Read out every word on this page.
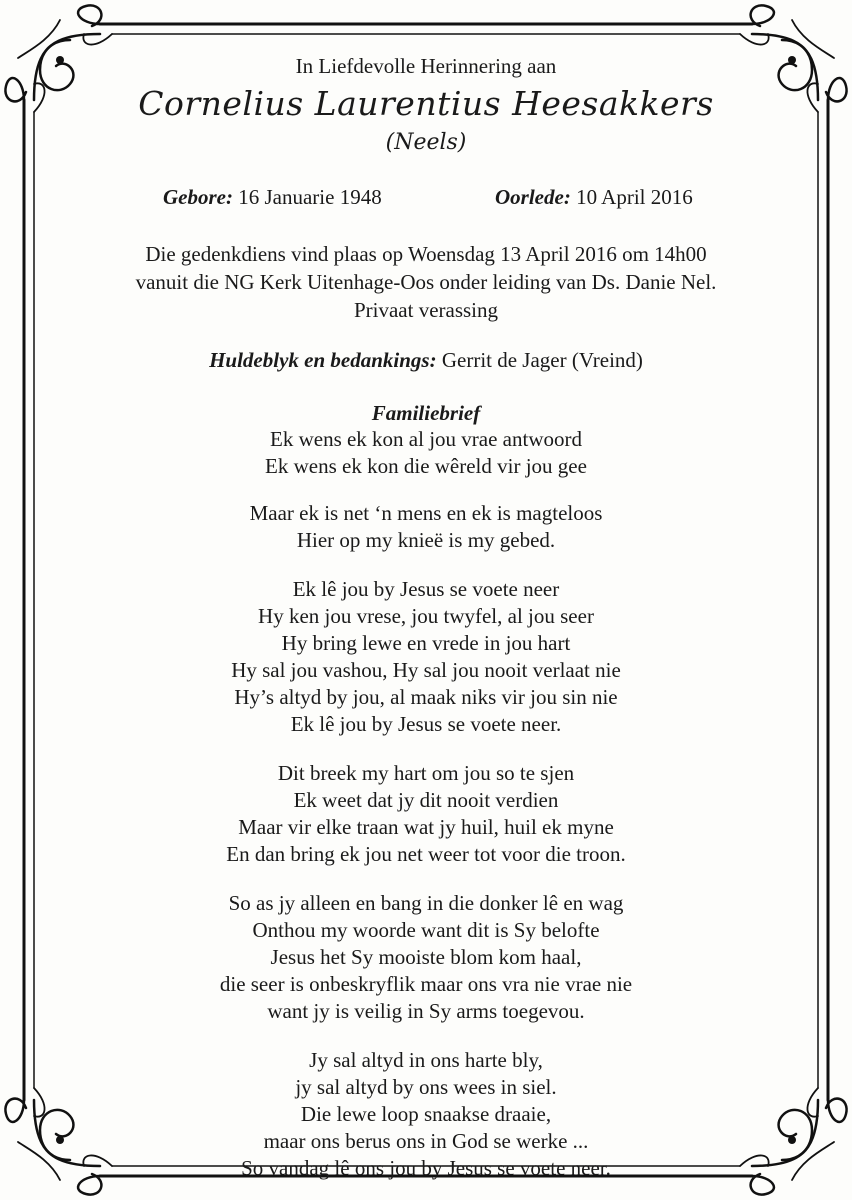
In Liefdevolle Herinnering aan
Cornelius Laurentius Heesakkers
(Neels)
Gebore: 16 Januarie 1948	Oorlede: 10 April 2016
Die gedenkdiens vind plaas op Woensdag 13 April 2016 om 14h00
vanuit die NG Kerk Uitenhage-Oos onder leiding van Ds. Danie Nel.
Privaat verassing
Huldeblyk en bedankings: Gerrit de Jager (Vreind)
Familiebrief
Ek wens ek kon al jou vrae antwoord
Ek wens ek kon die wêreld vir jou gee
Maar ek is net ‘n mens en ek is magteloos
Hier op my knieë is my gebed.
Ek lê jou by Jesus se voete neer
Hy ken jou vrese, jou twyfel, al jou seer
Hy bring lewe en vrede in jou hart
Hy sal jou vashou, Hy sal jou nooit verlaat nie
Hy’s altyd by jou, al maak niks vir jou sin nie
Ek lê jou by Jesus se voete neer.
Dit breek my hart om jou so te sjen
Ek weet dat jy dit nooit verdien
Maar vir elke traan wat jy huil, huil ek myne
En dan bring ek jou net weer tot voor die troon.
So as jy alleen en bang in die donker lê en wag
Onthou my woorde want dit is Sy belofte
Jesus het Sy mooiste blom kom haal,
die seer is onbeskryflik maar ons vra nie vrae nie
want jy is veilig in Sy arms toegevou.
Jy sal altyd in ons harte bly,
jy sal altyd by ons wees in siel.
Die lewe loop snaakse draaie,
maar ons berus ons in God se werke ...
So vandag lê ons jou by Jesus se voete neer.
